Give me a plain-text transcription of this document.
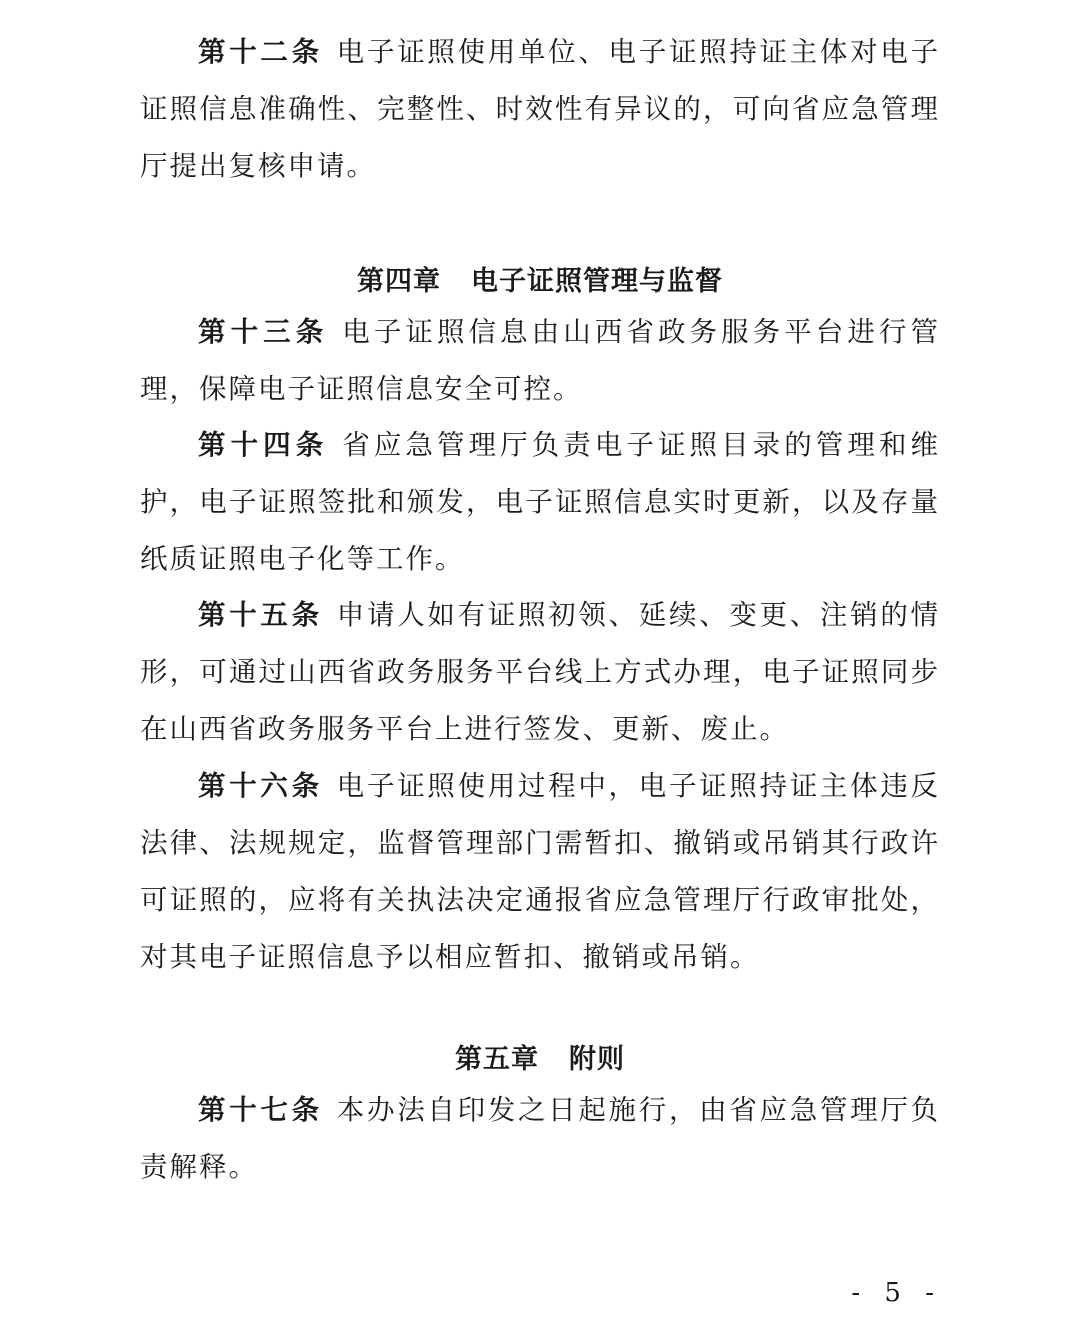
第十二条 电子证照使用单位、电子证照持证主体对电子证照信息准确性、完整性、时效性有异议的，可向省应急管理厅提出复核申请。

第四章 电子证照管理与监督

第十三条 电子证照信息由山西省政务服务平台进行管理，保障电子证照信息安全可控。

第十四条 省应急管理厅负责电子证照目录的管理和维护，电子证照签批和颁发，电子证照信息实时更新，以及存量纸质证照电子化等工作。

第十五条 申请人如有证照初领、延续、变更、注销的情形，可通过山西省政务服务平台线上方式办理，电子证照同步在山西省政务服务平台上进行签发、更新、废止。

第十六条 电子证照使用过程中，电子证照持证主体违反法律、法规规定，监督管理部门需暂扣、撤销或吊销其行政许可证照的，应将有关执法决定通报省应急管理厅行政审批处，对其电子证照信息予以相应暂扣、撤销或吊销。

第五章 附则

第十七条 本办法自印发之日起施行，由省应急管理厅负责解释。

- 5 -
